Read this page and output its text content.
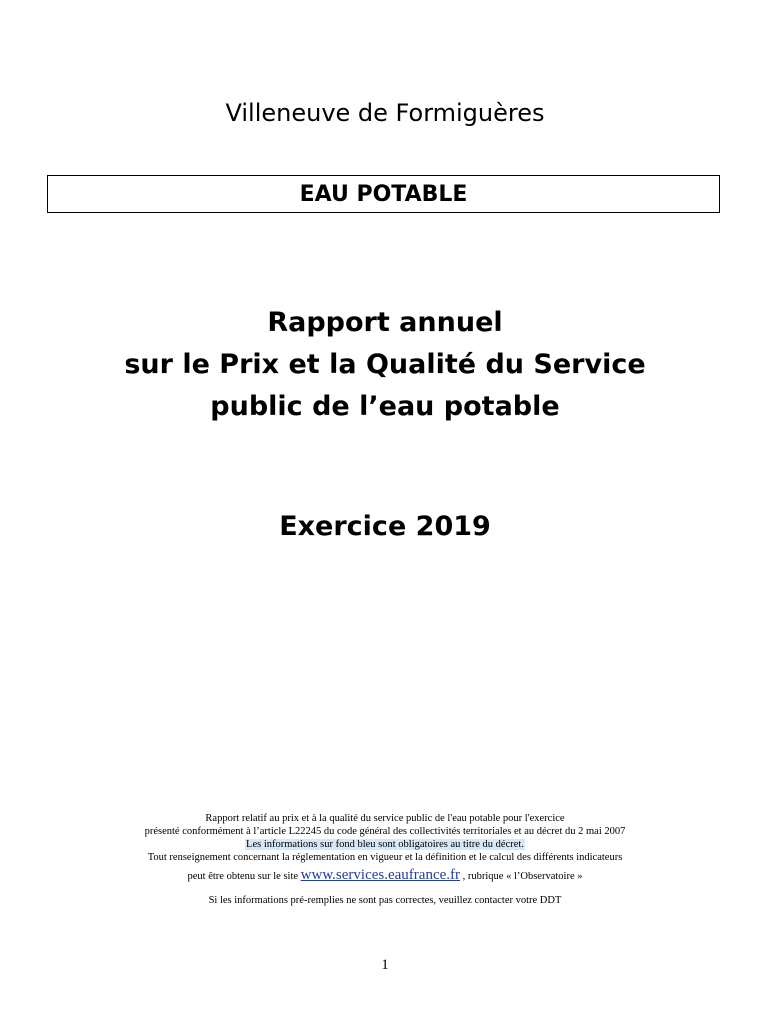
Villeneuve de Formiguères
EAU POTABLE
Rapport annuel
sur le Prix et la Qualité du Service
public de l’eau potable
Exercice 2019
Rapport relatif au prix et à la qualité du service public de l'eau potable pour l'exercice
présenté conformément à l’article L22245 du code général des collectivités territoriales et au décret du 2 mai 2007
Les informations sur fond bleu sont obligatoires au titre du décret.
Tout renseignement concernant la réglementation en vigueur et la définition et le calcul des différents indicateurs
peut être obtenu sur le site www.services.eaufrance.fr , rubrique « l’Observatoire »
Si les informations pré-remplies ne sont pas correctes, veuillez contacter votre DDT
1
